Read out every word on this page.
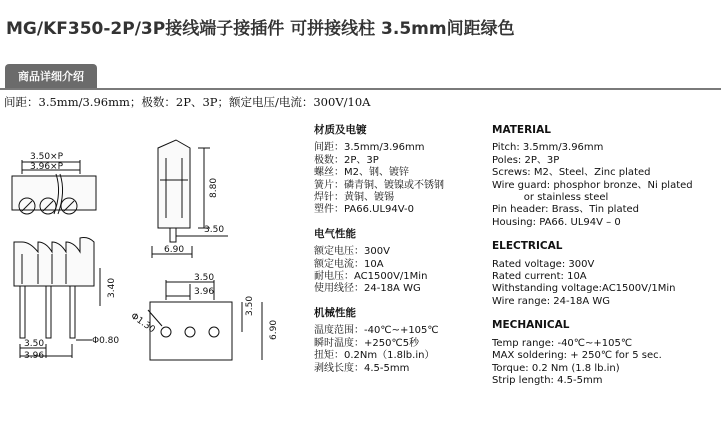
MG/KF350-2P/3P接线端子接插件 可拼接线柱 3.5mm间距绿色
商品详细介绍
间距：3.5mm/3.96mm；极数：2P、3P；额定电压/电流：300V/10A
3.50×P
3.96×P
8.80
3.50
6.90
3.40
3.50
3.96
Φ0.80
Φ1.30
3.50
3.96
3.50
6.90
材质及电镀
间距：3.5mm/3.96mm
极数：2P、3P
螺丝：M2、钢、镀锌
簧片：磷青铜、镀镍或不锈钢
焊针：黄铜、镀锡
塑件：PA66.UL94V-0
电气性能
额定电压：300V
额定电流：10A
耐电压：AC1500V/1Min
使用线径：24-18A WG
机械性能
温度范围：-40℃~+105℃
瞬时温度：+250℃5秒
扭矩：0.2Nm（1.8lb.in）
剥线长度：4.5-5mm
MATERIAL
Pitch: 3.5mm/3.96mm
Poles: 2P、3P
Screws: M2、Steel、Zinc plated
Wire guard: phosphor bronze、Ni plated
or stainless steel
Pin header: Brass、Tin plated
Housing: PA66. UL94V – 0
ELECTRICAL
Rated voltage: 300V
Rated current: 10A
Withstanding voltage:AC1500V/1Min
Wire range: 24-18A WG
MECHANICAL
Temp range: -40℃~+105℃
MAX soldering: + 250℃ for 5 sec.
Torque: 0.2 Nm (1.8 lb.in)
Strip length: 4.5-5mm
